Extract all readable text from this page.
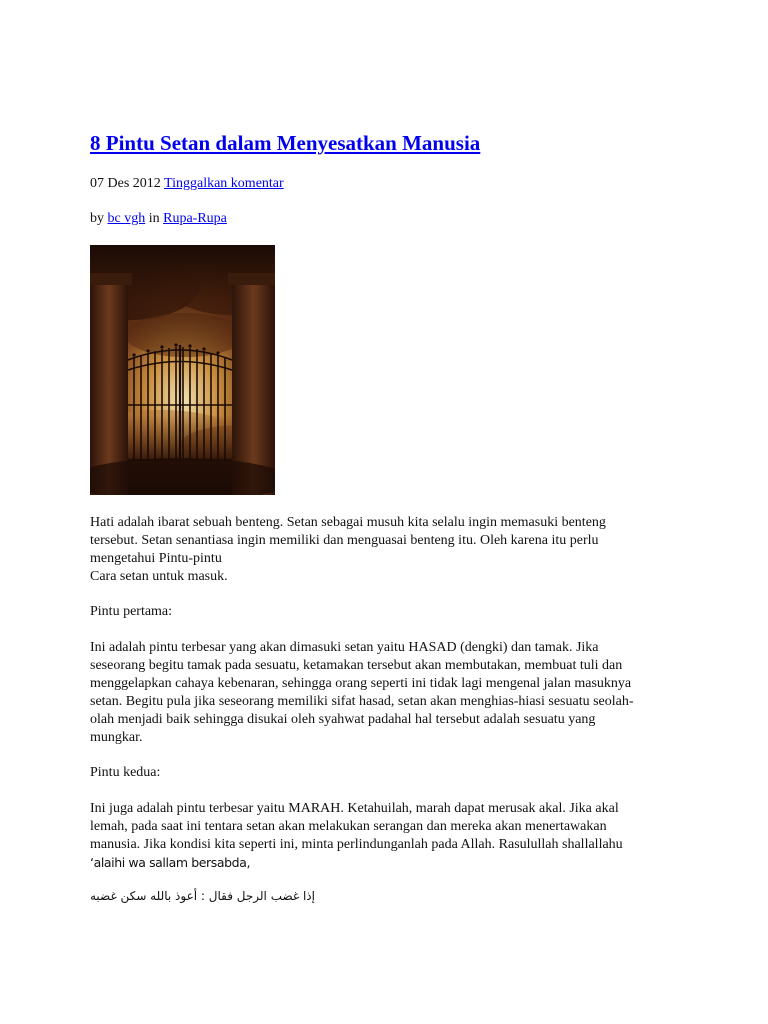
8 Pintu Setan dalam Menyesatkan Manusia

07 Des 2012 Tinggalkan komentar

by bc vgh in Rupa-Rupa

Hati adalah ibarat sebuah benteng. Setan sebagai musuh kita selalu ingin memasuki benteng
tersebut. Setan senantiasa ingin memiliki dan menguasai benteng itu. Oleh karena itu perlu
mengetahui Pintu-pintu
Cara setan untuk masuk.

Pintu pertama:

Ini adalah pintu terbesar yang akan dimasuki setan yaitu HASAD (dengki) dan tamak. Jika
seseorang begitu tamak pada sesuatu, ketamakan tersebut akan membutakan, membuat tuli dan
menggelapkan cahaya kebenaran, sehingga orang seperti ini tidak lagi mengenal jalan masuknya
setan. Begitu pula jika seseorang memiliki sifat hasad, setan akan menghias-hiasi sesuatu seolah-
olah menjadi baik sehingga disukai oleh syahwat padahal hal tersebut adalah sesuatu yang
mungkar.

Pintu kedua:

Ini juga adalah pintu terbesar yaitu MARAH. Ketahuilah, marah dapat merusak akal. Jika akal
lemah, pada saat ini tentara setan akan melakukan serangan dan mereka akan menertawakan
manusia. Jika kondisi kita seperti ini, minta perlindunganlah pada Allah. Rasulullah shallallahu
‘alaihi wa sallam bersabda,

إذا غضب الرجل فقال : أعوذ بالله سكن غضبه
